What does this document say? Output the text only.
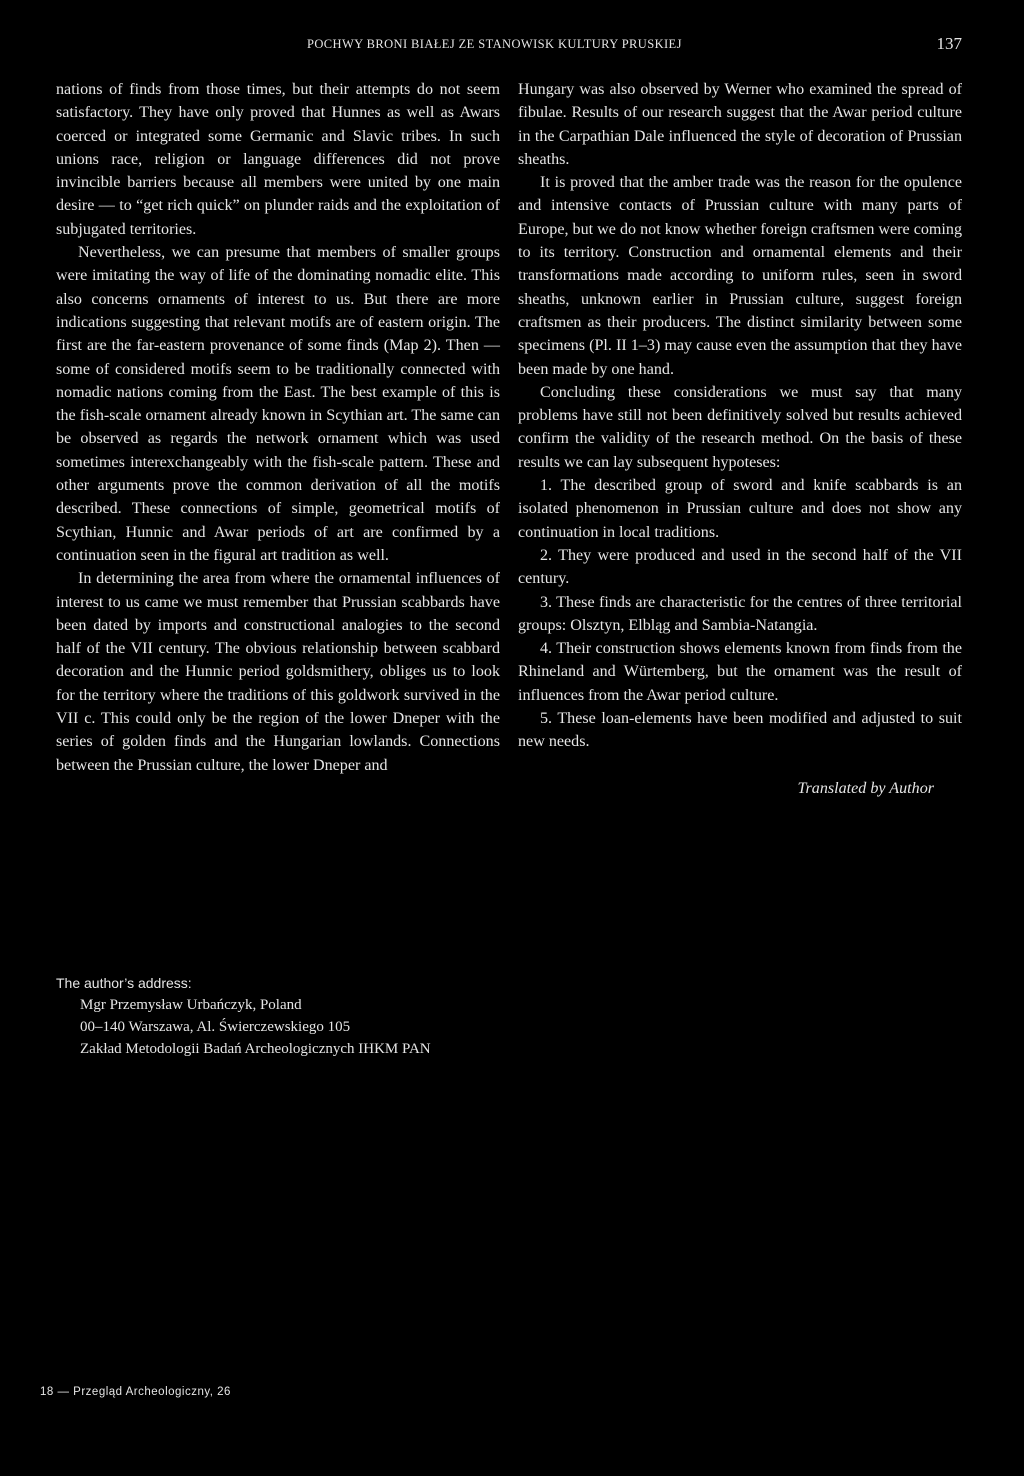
POCHWY BRONI BIAŁEJ ZE STANOWISK KULTURY PRUSKIEJ	137

nations of finds from those times, but their attempts do not seem satisfactory. They have only proved that Hunnes as well as Awars coerced or integrated some Germanic and Slavic tribes. In such unions race, religion or language differences did not prove invincible barriers because all members were united by one main desire — to “get rich quick” on plunder raids and the exploitation of subjugated territories.

Nevertheless, we can presume that members of smaller groups were imitating the way of life of the dominating nomadic elite. This also concerns ornaments of interest to us. But there are more indications suggesting that relevant motifs are of eastern origin. The first are the far-eastern provenance of some finds (Map 2). Then — some of considered motifs seem to be traditionally connected with nomadic nations coming from the East. The best example of this is the fish-scale ornament already known in Scythian art. The same can be observed as regards the network ornament which was used sometimes interexchangeably with the fish-scale pattern. These and other arguments prove the common derivation of all the motifs described. These connections of simple, geometrical motifs of Scythian, Hunnic and Awar periods of art are confirmed by a continuation seen in the figural art tradition as well.

In determining the area from where the ornamental influences of interest to us came we must remember that Prussian scabbards have been dated by imports and constructional analogies to the second half of the VII century. The obvious relationship between scabbard decoration and the Hunnic period goldsmithery, obliges us to look for the territory where the traditions of this goldwork survived in the VII c. This could only be the region of the lower Dneper with the series of golden finds and the Hungarian lowlands. Connections between the Prussian culture, the lower Dneper and

Hungary was also observed by Werner who examined the spread of fibulae. Results of our research suggest that the Awar period culture in the Carpathian Dale influenced the style of decoration of Prussian sheaths.

It is proved that the amber trade was the reason for the opulence and intensive contacts of Prussian culture with many parts of Europe, but we do not know whether foreign craftsmen were coming to its territory. Construction and ornamental elements and their transformations made according to uniform rules, seen in sword sheaths, unknown earlier in Prussian culture, suggest foreign craftsmen as their producers. The distinct similarity between some specimens (Pl. II 1–3) may cause even the assumption that they have been made by one hand.

Concluding these considerations we must say that many problems have still not been definitively solved but results achieved confirm the validity of the research method. On the basis of these results we can lay subsequent hypoteses:

1. The described group of sword and knife scabbards is an isolated phenomenon in Prussian culture and does not show any continuation in local traditions.

2. They were produced and used in the second half of the VII century.

3. These finds are characteristic for the centres of three territorial groups: Olsztyn, Elbląg and Sambia-Natangia.

4. Their construction shows elements known from finds from the Rhineland and Würtemberg, but the ornament was the result of influences from the Awar period culture.

5. These loan-elements have been modified and adjusted to suit new needs.

Translated by Author

The author’s address:
Mgr Przemysław Urbańczyk, Poland
00–140 Warszawa, Al. Świerczewskiego 105
Zakład Metodologii Badań Archeologicznych IHKM PAN
18 — Przegląd Archeologiczny, 26
